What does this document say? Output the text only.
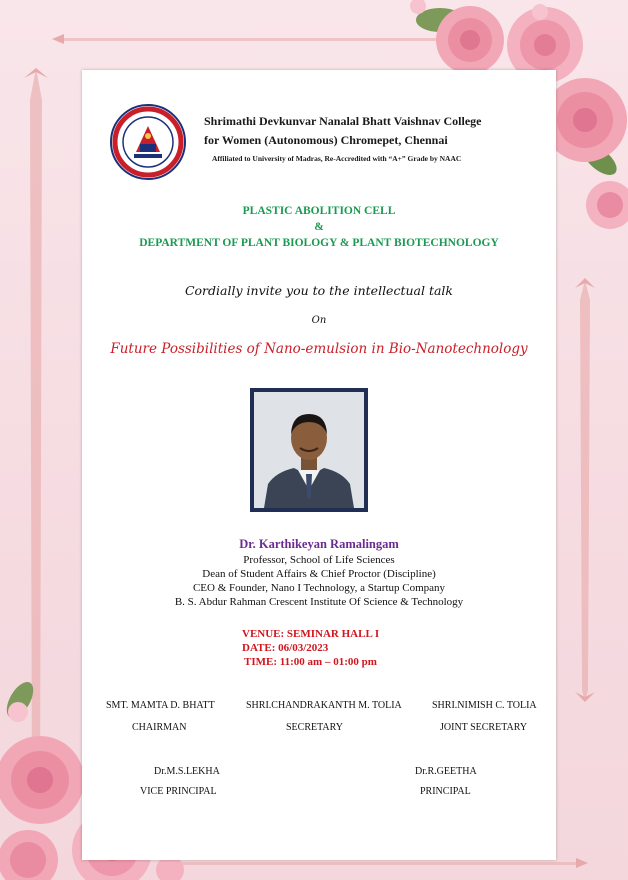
Shrimathi Devkunvar Nanalal Bhatt Vaishnav College
for Women (Autonomous) Chromepet, Chennai
Affiliated to University of Madras, Re-Accredited with “A+” Grade by NAAC
PLASTIC ABOLITION CELL
&
DEPARTMENT OF PLANT BIOLOGY & PLANT BIOTECHNOLOGY
Cordially invite you to the intellectual talk
On
Future Possibilities of Nano-emulsion in Bio-Nanotechnology
Dr. Karthikeyan Ramalingam
Professor, School of Life Sciences
Dean of Student Affairs & Chief Proctor (Discipline)
CEO & Founder, Nano I Technology, a Startup Company
B. S. Abdur Rahman Crescent Institute Of Science & Technology
VENUE: SEMINAR HALL I
DATE: 06/03/2023
TIME: 11:00 am – 01:00 pm
SMT. MAMTA D. BHATT
CHAIRMAN
SHRI.CHANDRAKANTH M. TOLIA
SECRETARY
SHRI.NIMISH C. TOLIA
JOINT SECRETARY
Dr.M.S.LEKHA
VICE PRINCIPAL
Dr.R.GEETHA
PRINCIPAL
